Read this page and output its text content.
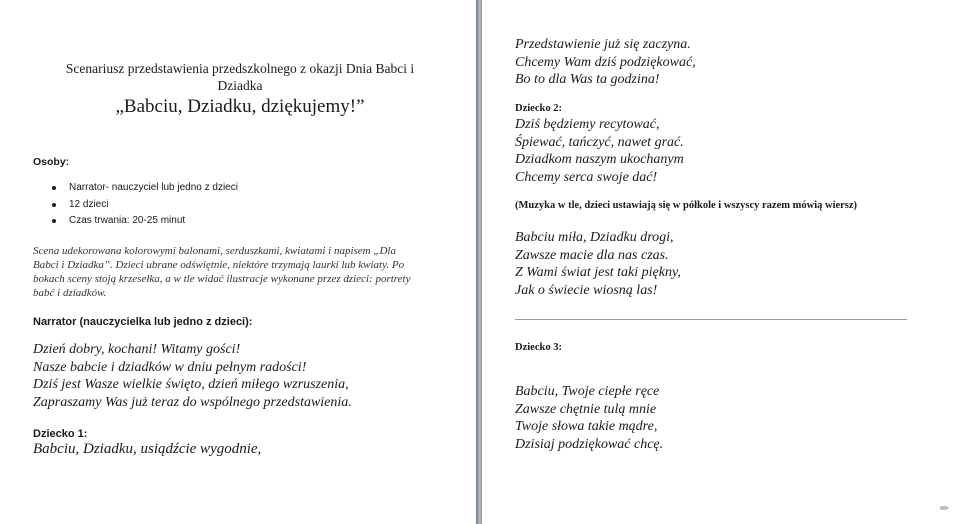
Scenariusz przedstawienia przedszkolnego z okazji Dnia Babci i
Dziadka

„Babciu, Dziadku, dziękujemy!”

Osoby:

Narrator- nauczyciel lub jedno z dzieci
12 dzieci
Czas trwania: 20-25 minut
Scena udekorowana kolorowymi balonami, serduszkami, kwiatami i napisem „Dla
Babci i Dziadka”. Dzieci ubrane odświętnie, niektóre trzymają laurki lub kwiaty. Po
bokach sceny stoją krzesełka, a w tle widać ilustracje wykonane przez dzieci: portrety
babć i dziadków.

Narrator (nauczycielka lub jedno z dzieci):

Dzień dobry, kochani! Witamy gości!
Nasze babcie i dziadków w dniu pełnym radości!
Dziś jest Wasze wielkie święto, dzień miłego wzruszenia,
Zapraszamy Was już teraz do wspólnego przedstawienia.

Dziecko 1:

Babciu, Dziadku, usiądźcie wygodnie,

Przedstawienie już się zaczyna.
Chcemy Wam dziś podziękować,
Bo to dla Was ta godzina!

Dziecko 2:

Dziś będziemy recytować,
Śpiewać, tańczyć, nawet grać.
Dziadkom naszym ukochanym
Chcemy serca swoje dać!

(Muzyka w tle, dzieci ustawiają się w półkole i wszyscy razem mówią wiersz)

Babciu miła, Dziadku drogi,
Zawsze macie dla nas czas.
Z Wami świat jest taki piękny,
Jak o świecie wiosną las!

Dziecko 3:

Babciu, Twoje ciepłe ręce
Zawsze chętnie tulą mnie
Twoje słowa takie mądre,
Dzisiaj podziękować chcę.
➨
